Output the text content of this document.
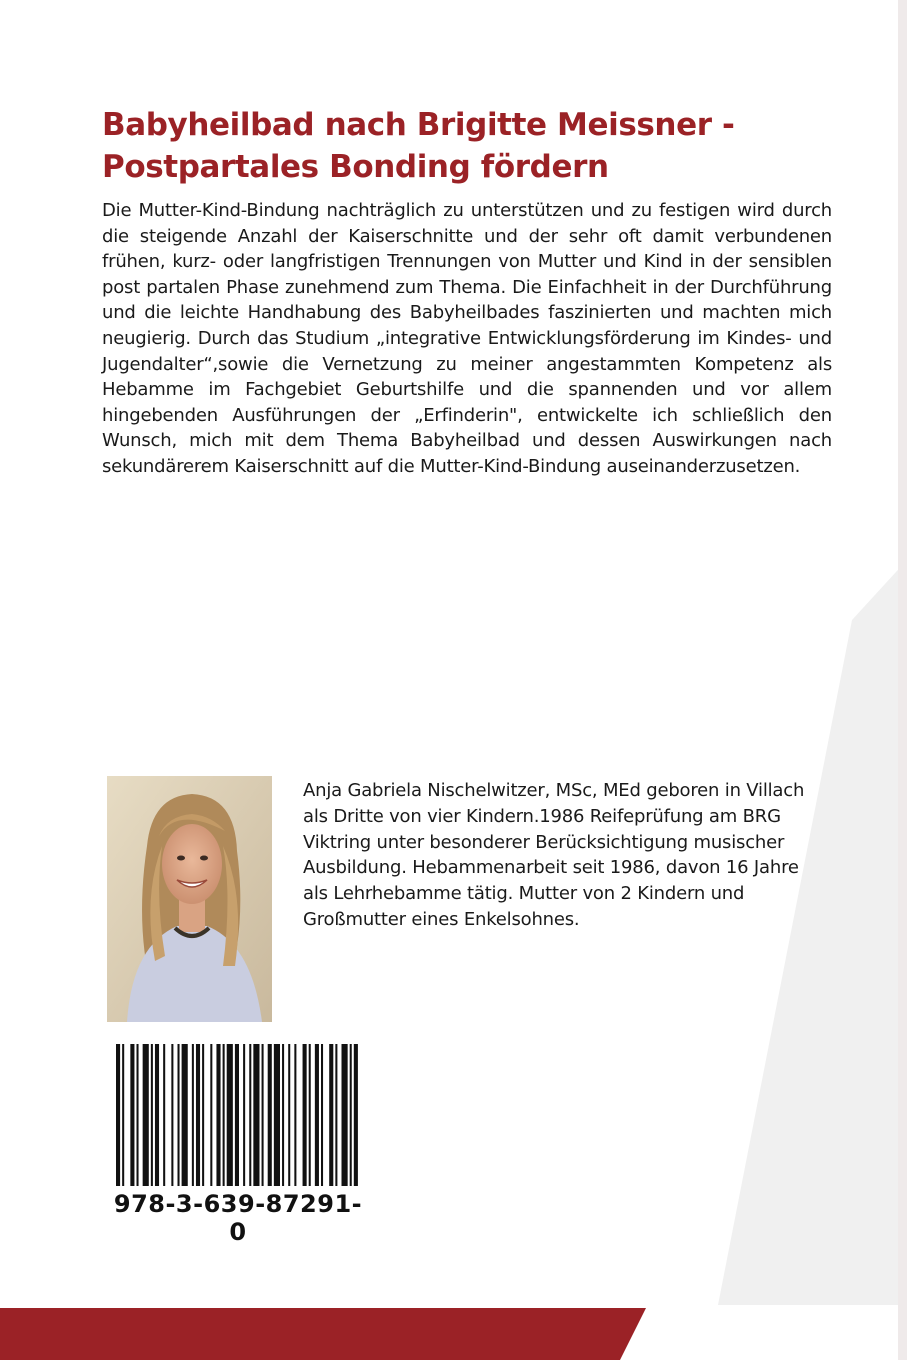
Babyheilbad nach Brigitte Meissner - Postpartales Bonding fördern

Die Mutter-Kind-Bindung nachträglich zu unterstützen und zu festigen wird durch die steigende Anzahl der Kaiserschnitte und der sehr oft damit verbundenen frühen, kurz- oder langfristigen Trennungen von Mutter und Kind in der sensiblen post partalen Phase zunehmend zum Thema. Die Einfachheit in der Durchführung und die leichte Handhabung des Babyheilbades faszinierten und machten mich neugierig. Durch das Studium „integrative Entwicklungsförderung im Kindes- und Jugendalter“,sowie die Vernetzung zu meiner angestammten Kompetenz als Hebamme im Fachgebiet Geburtshilfe und die spannenden und vor allem hingebenden Ausführungen der „Erfinderin", entwickelte ich schließlich den Wunsch, mich mit dem Thema Babyheilbad und dessen Auswirkungen nach sekundärerem Kaiserschnitt auf die Mutter-Kind-Bindung auseinanderzusetzen.

Anja Gabriela Nischelwitzer, MSc, MEd geboren in Villach als Dritte von vier Kindern.1986 Reifeprüfung am BRG Viktring unter besonderer Berücksichtigung musischer Ausbildung. Hebammenarbeit seit 1986, davon 16 Jahre als Lehrhebamme tätig. Mutter von 2 Kindern und Großmutter eines Enkelsohnes.

978-3-639-87291-0
